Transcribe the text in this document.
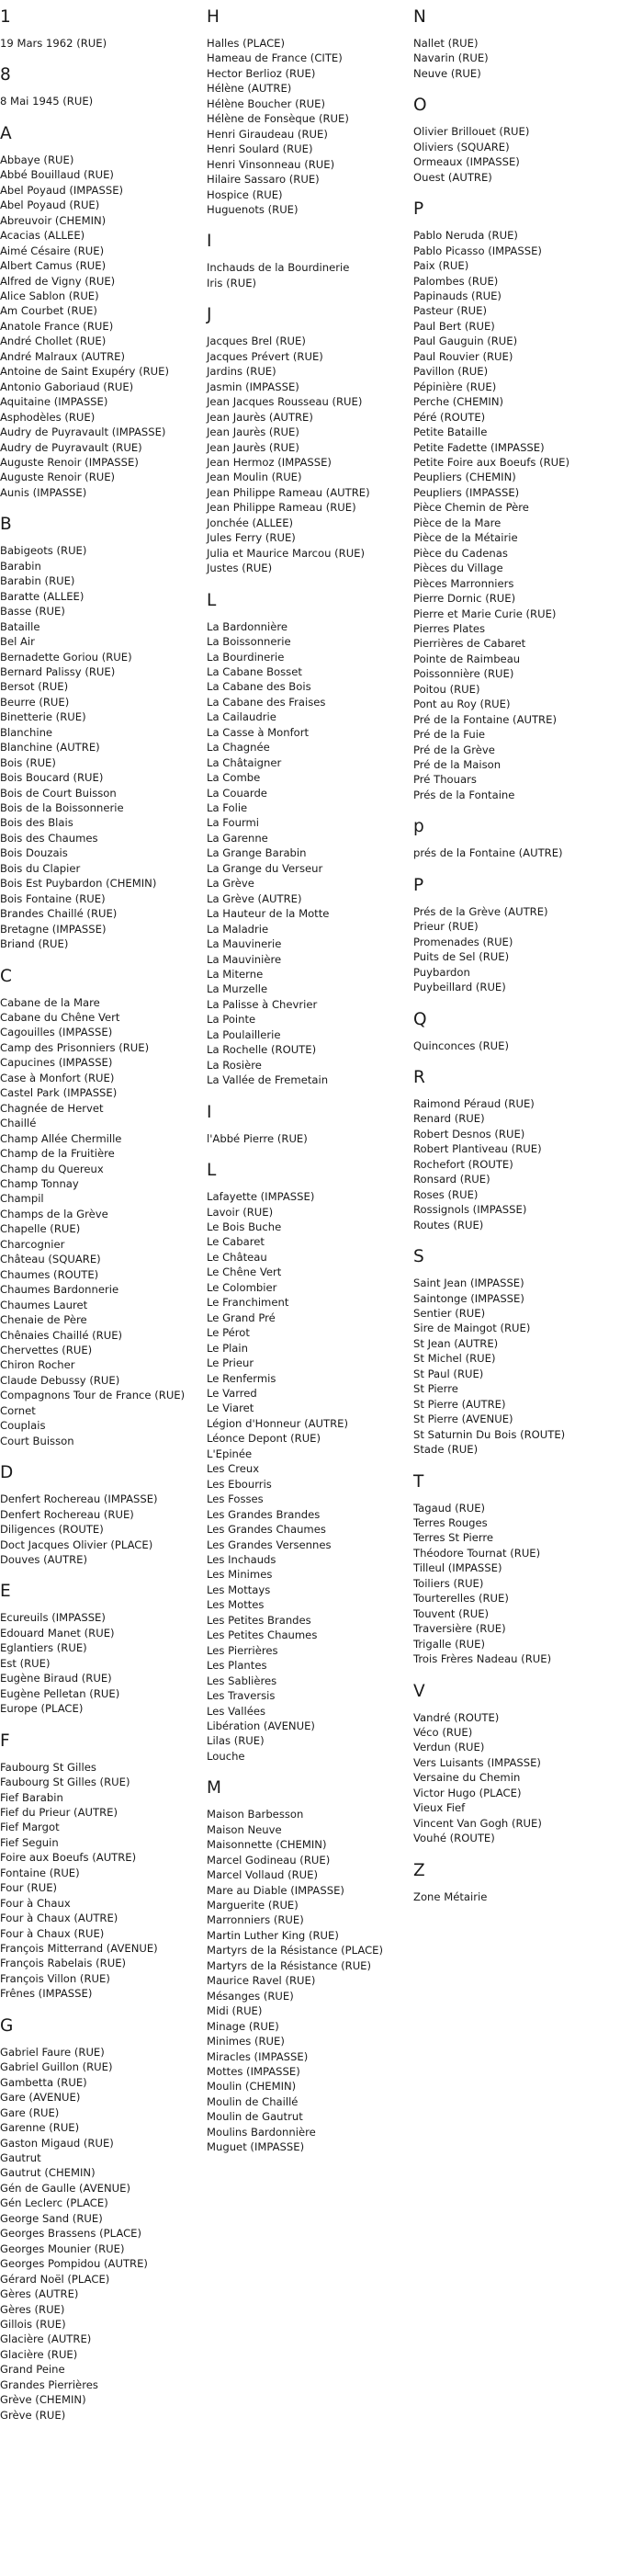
1
19 Mars 1962 (RUE)
8
8 Mai 1945 (RUE)
A
Abbaye (RUE)
Abbé Bouillaud (RUE)
Abel Poyaud (IMPASSE)
Abel Poyaud (RUE)
Abreuvoir (CHEMIN)
Acacias (ALLEE)
Aimé Césaire (RUE)
Albert Camus (RUE)
Alfred de Vigny (RUE)
Alice Sablon (RUE)
Am Courbet (RUE)
Anatole France (RUE)
André Chollet (RUE)
André Malraux (AUTRE)
Antoine de Saint Exupéry (RUE)
Antonio Gaboriaud (RUE)
Aquitaine (IMPASSE)
Asphodèles (RUE)
Audry de Puyravault (IMPASSE)
Audry de Puyravault (RUE)
Auguste Renoir (IMPASSE)
Auguste Renoir (RUE)
Aunis (IMPASSE)
B
Babigeots (RUE)
Barabin
Barabin (RUE)
Baratte (ALLEE)
Basse (RUE)
Bataille
Bel Air
Bernadette Goriou (RUE)
Bernard Palissy (RUE)
Bersot (RUE)
Beurre (RUE)
Binetterie (RUE)
Blanchine
Blanchine (AUTRE)
Bois (RUE)
Bois Boucard (RUE)
Bois de Court Buisson
Bois de la Boissonnerie
Bois des Blais
Bois des Chaumes
Bois Douzais
Bois du Clapier
Bois Est Puybardon (CHEMIN)
Bois Fontaine (RUE)
Brandes Chaillé (RUE)
Bretagne (IMPASSE)
Briand (RUE)
C
Cabane de la Mare
Cabane du Chêne Vert
Cagouilles (IMPASSE)
Camp des Prisonniers (RUE)
Capucines (IMPASSE)
Case à Monfort (RUE)
Castel Park (IMPASSE)
Chagnée de Hervet
Chaillé
Champ Allée Chermille
Champ de la Fruitière
Champ du Quereux
Champ Tonnay
Champil
Champs de la Grève
Chapelle (RUE)
Charcognier
Château (SQUARE)
Chaumes (ROUTE)
Chaumes Bardonnerie
Chaumes Lauret
Chenaie de Père
Chênaies Chaillé (RUE)
Chervettes (RUE)
Chiron Rocher
Claude Debussy (RUE)
Compagnons Tour de France (RUE)
Cornet
Couplais
Court Buisson
D
Denfert Rochereau (IMPASSE)
Denfert Rochereau (RUE)
Diligences (ROUTE)
Doct Jacques Olivier (PLACE)
Douves (AUTRE)
E
Ecureuils (IMPASSE)
Edouard Manet (RUE)
Eglantiers (RUE)
Est (RUE)
Eugène Biraud (RUE)
Eugène Pelletan (RUE)
Europe (PLACE)
F
Faubourg St Gilles
Faubourg St Gilles (RUE)
Fief Barabin
Fief du Prieur (AUTRE)
Fief Margot
Fief Seguin
Foire aux Boeufs (AUTRE)
Fontaine (RUE)
Four (RUE)
Four à Chaux
Four à Chaux (AUTRE)
Four à Chaux (RUE)
François Mitterrand (AVENUE)
François Rabelais (RUE)
François Villon (RUE)
Frênes (IMPASSE)
G
Gabriel Faure (RUE)
Gabriel Guillon (RUE)
Gambetta (RUE)
Gare (AVENUE)
Gare (RUE)
Garenne (RUE)
Gaston Migaud (RUE)
Gautrut
Gautrut (CHEMIN)
Gén de Gaulle (AVENUE)
Gén Leclerc (PLACE)
George Sand (RUE)
Georges Brassens (PLACE)
Georges Mounier (RUE)
Georges Pompidou (AUTRE)
Gérard Noël (PLACE)
Gères (AUTRE)
Gères (RUE)
Gillois (RUE)
Glacière (AUTRE)
Glacière (RUE)
Grand Peine
Grandes Pierrières
Grève (CHEMIN)
Grève (RUE)
H
Halles (PLACE)
Hameau de France (CITE)
Hector Berlioz (RUE)
Hélène (AUTRE)
Hélène Boucher (RUE)
Hélène de Fonsèque (RUE)
Henri Giraudeau (RUE)
Henri Soulard (RUE)
Henri Vinsonneau (RUE)
Hilaire Sassaro (RUE)
Hospice (RUE)
Huguenots (RUE)
I
Inchauds de la Bourdinerie
Iris (RUE)
J
Jacques Brel (RUE)
Jacques Prévert (RUE)
Jardins (RUE)
Jasmin (IMPASSE)
Jean Jacques Rousseau (RUE)
Jean Jaurès (AUTRE)
Jean Jaurès (RUE)
Jean Jaurès (RUE)
Jean Hermoz (IMPASSE)
Jean Moulin (RUE)
Jean Philippe Rameau (AUTRE)
Jean Philippe Rameau (RUE)
Jonchée (ALLEE)
Jules Ferry (RUE)
Julia et Maurice Marcou (RUE)
Justes (RUE)
L
La Bardonnière
La Boissonnerie
La Bourdinerie
La Cabane Bosset
La Cabane des Bois
La Cabane des Fraises
La Cailaudrie
La Casse à Monfort
La Chagnée
La Châtaigner
La Combe
La Couarde
La Folie
La Fourmi
La Garenne
La Grange Barabin
La Grange du Verseur
La Grève
La Grève (AUTRE)
La Hauteur de la Motte
La Maladrie
La Mauvinerie
La Mauvinière
La Miterne
La Murzelle
La Palisse à Chevrier
La Pointe
La Poulaillerie
La Rochelle (ROUTE)
La Rosière
La Vallée de Fremetain
I
l'Abbé Pierre (RUE)
L
Lafayette (IMPASSE)
Lavoir (RUE)
Le Bois Buche
Le Cabaret
Le Château
Le Chêne Vert
Le Colombier
Le Franchiment
Le Grand Pré
Le Pérot
Le Plain
Le Prieur
Le Renfermis
Le Varred
Le Viaret
Légion d'Honneur (AUTRE)
Léonce Depont (RUE)
L'Epinée
Les Creux
Les Ebourris
Les Fosses
Les Grandes Brandes
Les Grandes Chaumes
Les Grandes Versennes
Les Inchauds
Les Minimes
Les Mottays
Les Mottes
Les Petites Brandes
Les Petites Chaumes
Les Pierrières
Les Plantes
Les Sablières
Les Traversis
Les Vallées
Libération (AVENUE)
Lilas (RUE)
Louche
M
Maison Barbesson
Maison Neuve
Maisonnette (CHEMIN)
Marcel Godineau (RUE)
Marcel Vollaud (RUE)
Mare au Diable (IMPASSE)
Marguerite (RUE)
Marronniers (RUE)
Martin Luther King (RUE)
Martyrs de la Résistance (PLACE)
Martyrs de la Résistance (RUE)
Maurice Ravel (RUE)
Mésanges (RUE)
Midi (RUE)
Minage (RUE)
Minimes (RUE)
Miracles (IMPASSE)
Mottes (IMPASSE)
Moulin (CHEMIN)
Moulin de Chaillé
Moulin de Gautrut
Moulins Bardonnière
Muguet (IMPASSE)
N
Nallet (RUE)
Navarin (RUE)
Neuve (RUE)
O
Olivier Brillouet (RUE)
Oliviers (SQUARE)
Ormeaux (IMPASSE)
Ouest (AUTRE)
P
Pablo Neruda (RUE)
Pablo Picasso (IMPASSE)
Paix (RUE)
Palombes (RUE)
Papinauds (RUE)
Pasteur (RUE)
Paul Bert (RUE)
Paul Gauguin (RUE)
Paul Rouvier (RUE)
Pavillon (RUE)
Pépinière (RUE)
Perche (CHEMIN)
Péré (ROUTE)
Petite Bataille
Petite Fadette (IMPASSE)
Petite Foire aux Boeufs (RUE)
Peupliers (CHEMIN)
Peupliers (IMPASSE)
Pièce Chemin de Père
Pièce de la Mare
Pièce de la Métairie
Pièce du Cadenas
Pièces du Village
Pièces Marronniers
Pierre Dornic (RUE)
Pierre et Marie Curie (RUE)
Pierres Plates
Pierrières de Cabaret
Pointe de Raimbeau
Poissonnière (RUE)
Poitou (RUE)
Pont au Roy (RUE)
Pré de la Fontaine (AUTRE)
Pré de la Fuie
Pré de la Grève
Pré de la Maison
Pré Thouars
Prés de la Fontaine
p
prés de la Fontaine (AUTRE)
P
Prés de la Grève (AUTRE)
Prieur (RUE)
Promenades (RUE)
Puits de Sel (RUE)
Puybardon
Puybeillard (RUE)
Q
Quinconces (RUE)
R
Raimond Péraud (RUE)
Renard (RUE)
Robert Desnos (RUE)
Robert Plantiveau (RUE)
Rochefort (ROUTE)
Ronsard (RUE)
Roses (RUE)
Rossignols (IMPASSE)
Routes (RUE)
S
Saint Jean (IMPASSE)
Saintonge (IMPASSE)
Sentier (RUE)
Sire de Maingot (RUE)
St Jean (AUTRE)
St Michel (RUE)
St Paul (RUE)
St Pierre
St Pierre (AUTRE)
St Pierre (AVENUE)
St Saturnin Du Bois (ROUTE)
Stade (RUE)
T
Tagaud (RUE)
Terres Rouges
Terres St Pierre
Théodore Tournat (RUE)
Tilleul (IMPASSE)
Toiliers (RUE)
Tourterelles (RUE)
Touvent (RUE)
Traversière (RUE)
Trigalle (RUE)
Trois Frères Nadeau (RUE)
V
Vandré (ROUTE)
Véco (RUE)
Verdun (RUE)
Vers Luisants (IMPASSE)
Versaine du Chemin
Victor Hugo (PLACE)
Vieux Fief
Vincent Van Gogh (RUE)
Vouhé (ROUTE)
Z
Zone Métairie
